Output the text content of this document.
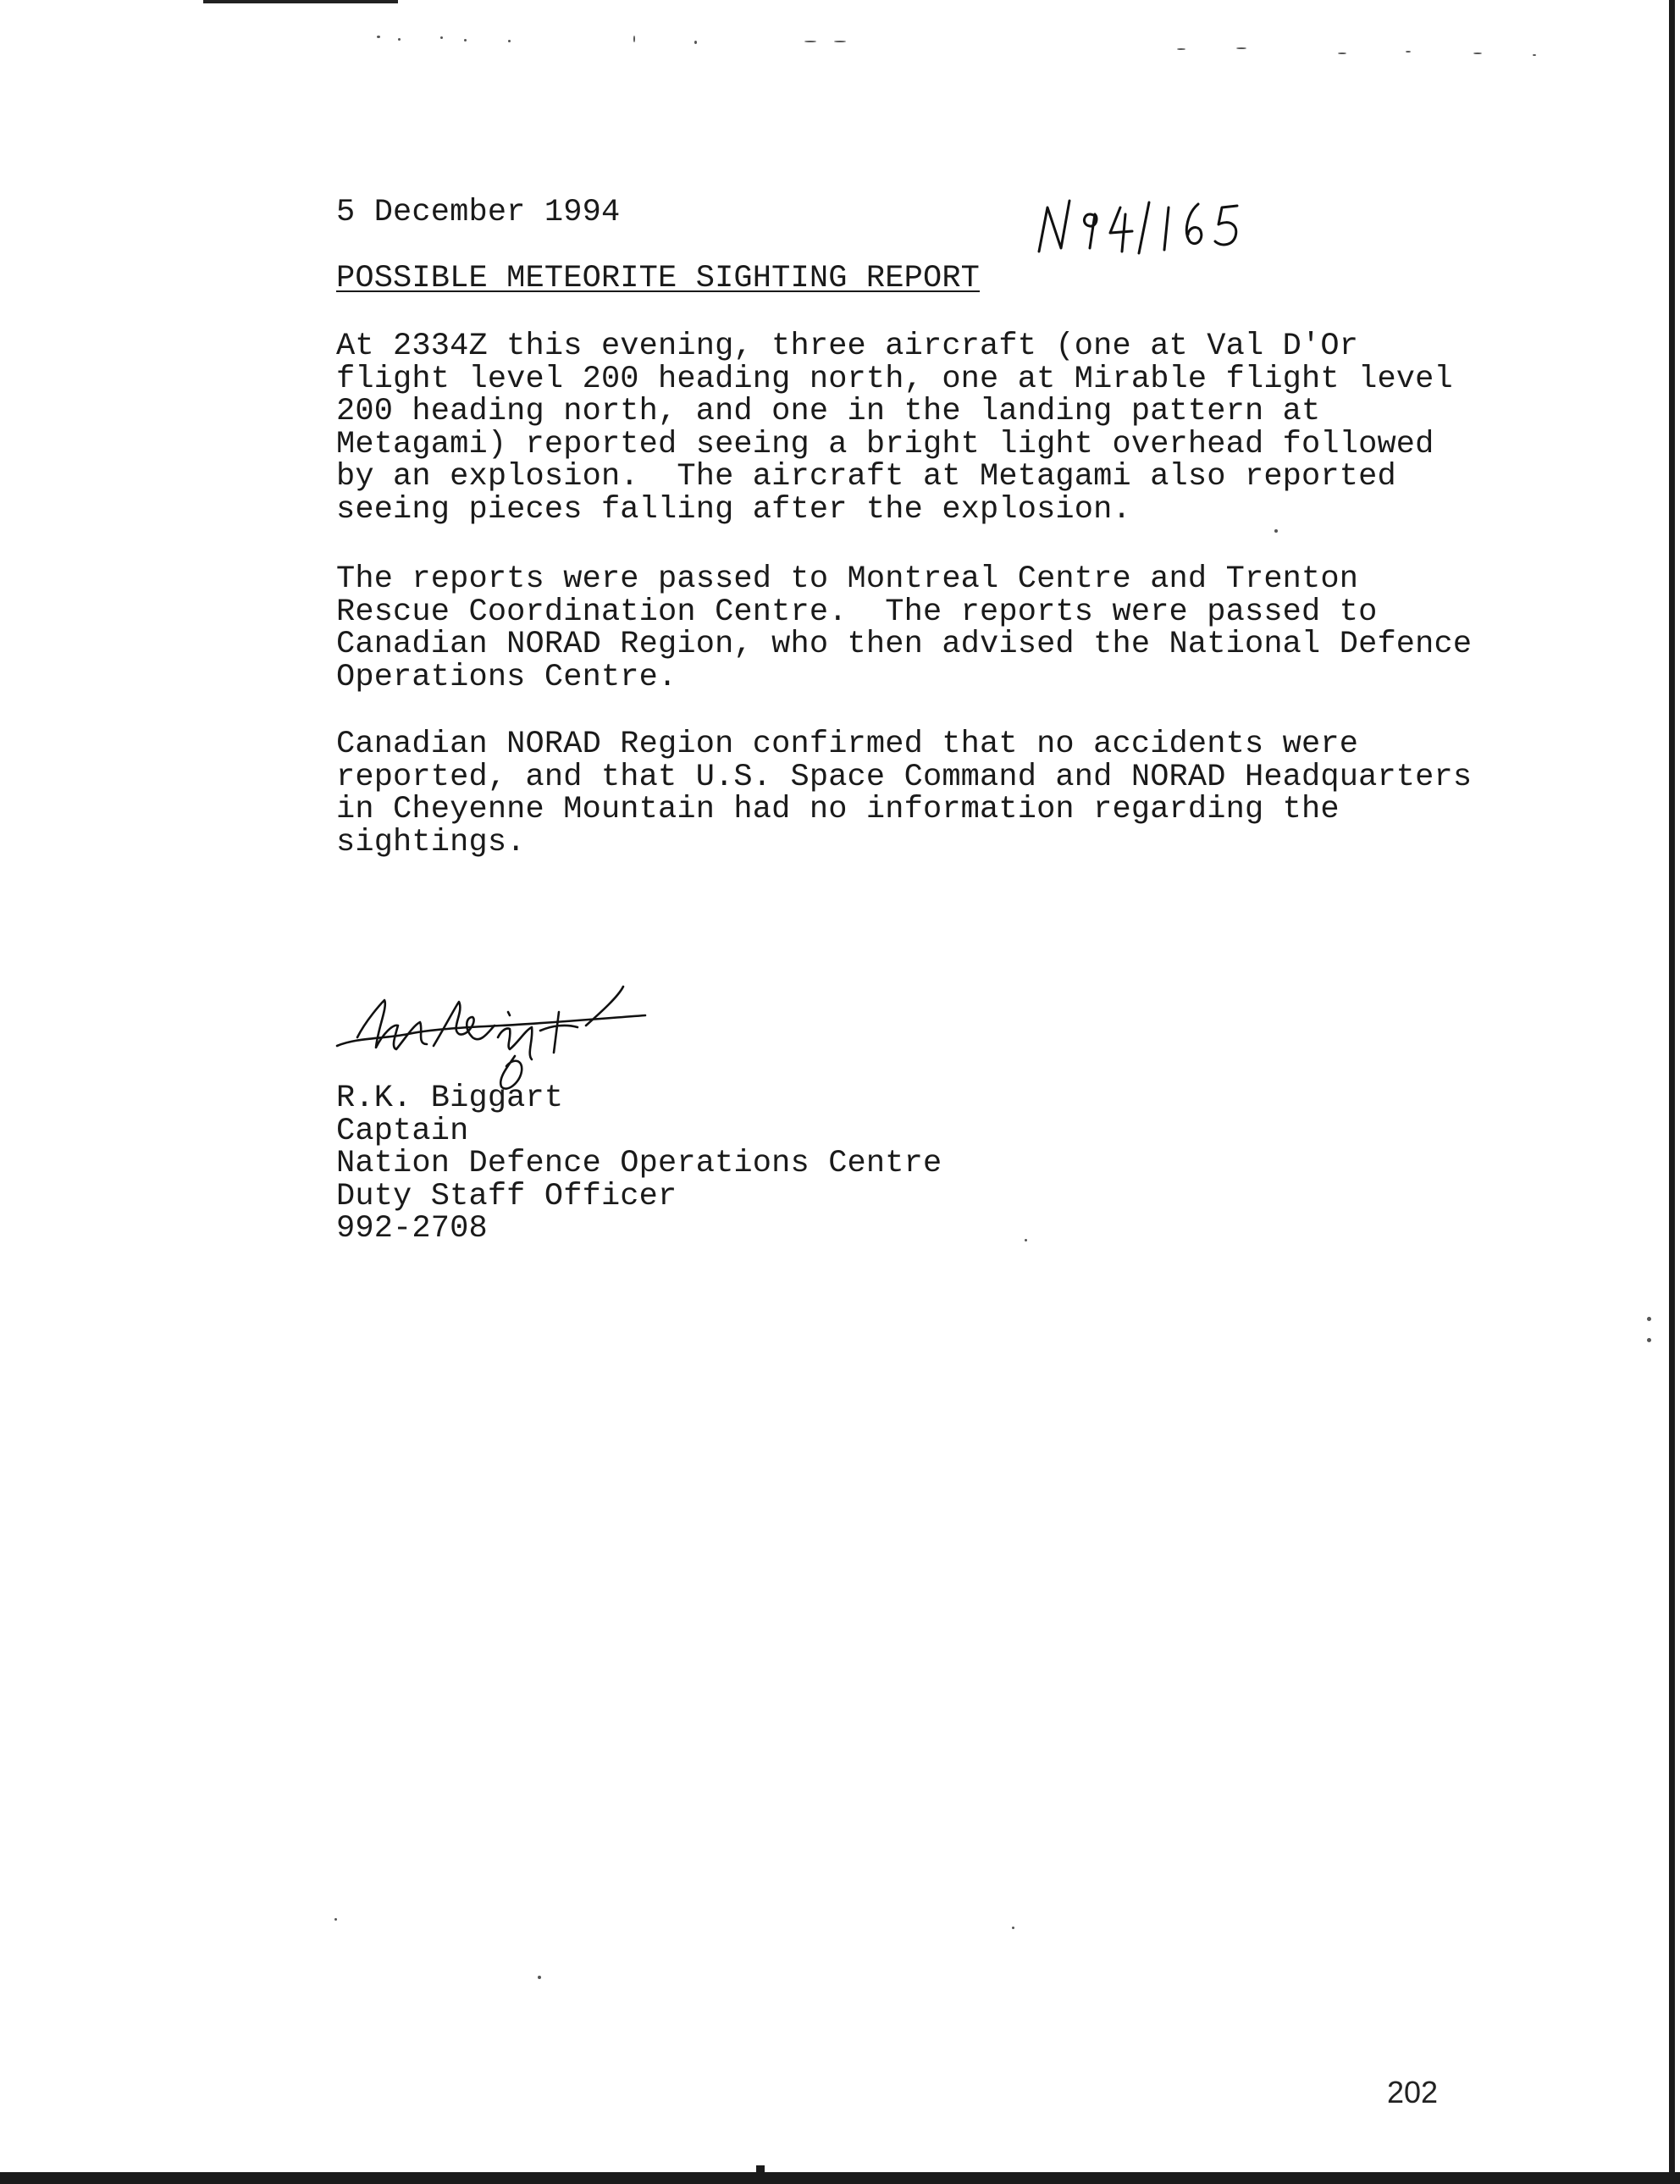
5 December 1994
POSSIBLE METEORITE SIGHTING REPORT
At 2334Z this evening, three aircraft (one at Val D'Or
flight level 200 heading north, one at Mirable flight level
200 heading north, and one in the landing pattern at
Metagami) reported seeing a bright light overhead followed
by an explosion.  The aircraft at Metagami also reported
seeing pieces falling after the explosion.
The reports were passed to Montreal Centre and Trenton
Rescue Coordination Centre.  The reports were passed to
Canadian NORAD Region, who then advised the National Defence
Operations Centre.
Canadian NORAD Region confirmed that no accidents were
reported, and that U.S. Space Command and NORAD Headquarters
in Cheyenne Mountain had no information regarding the
sightings.
R.K. Biggart
Captain
Nation Defence Operations Centre
Duty Staff Officer
992-2708
202
